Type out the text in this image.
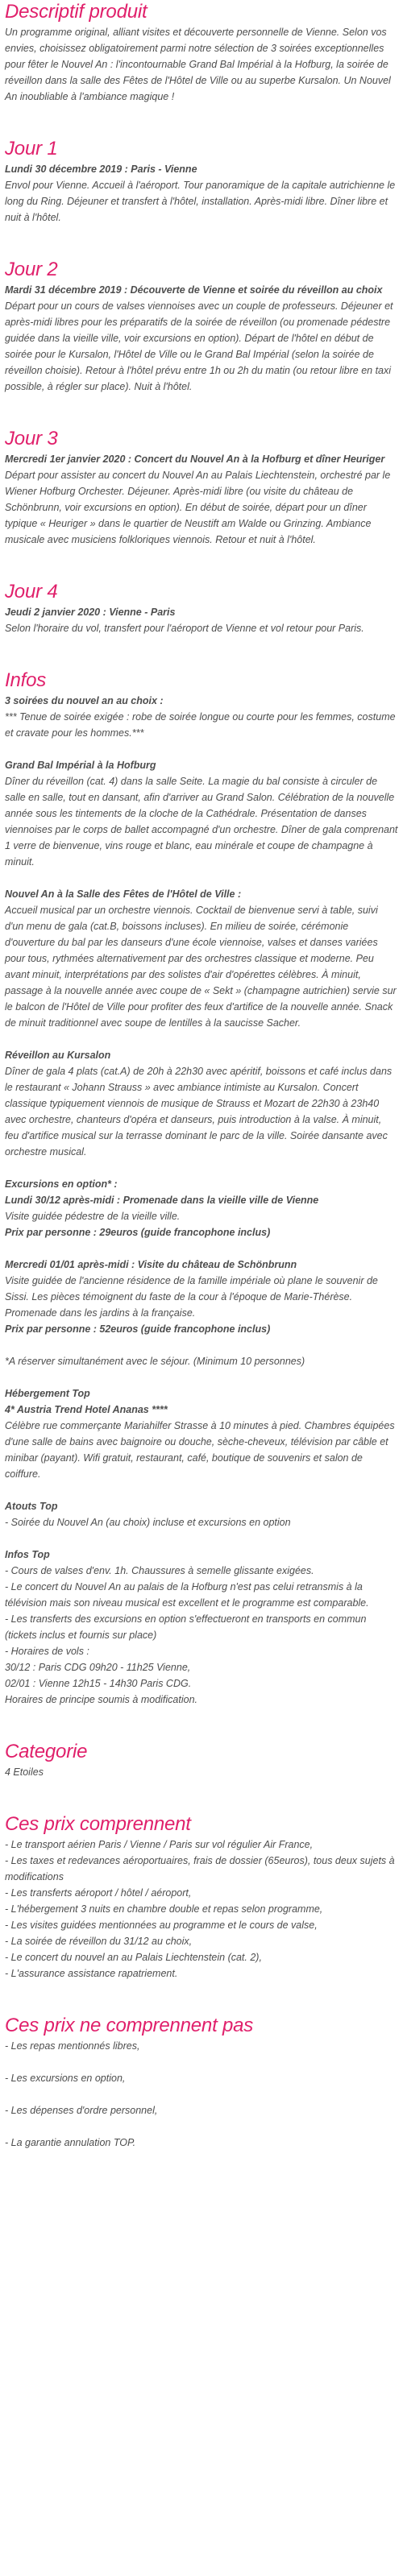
Descriptif produit

Un programme original, alliant visites et découverte personnelle de Vienne. Selon vos envies, choisissez obligatoirement parmi notre sélection de 3 soirées exceptionnelles pour fêter le Nouvel An : l'incontournable Grand Bal Impérial à la Hofburg, la soirée de réveillon dans la salle des Fêtes de l'Hôtel de Ville ou au superbe Kursalon. Un Nouvel An inoubliable à l'ambiance magique !

Jour 1

Lundi 30 décembre 2019 : Paris - Vienne

Envol pour Vienne. Accueil à l'aéroport. Tour panoramique de la capitale autrichienne le long du Ring. Déjeuner et transfert à l'hôtel, installation. Après-midi libre. Dîner libre et nuit à l'hôtel.

Jour 2

Mardi 31 décembre 2019 : Découverte de Vienne et soirée du réveillon au choix

Départ pour un cours de valses viennoises avec un couple de professeurs. Déjeuner et après-midi libres pour les préparatifs de la soirée de réveillon (ou promenade pédestre guidée dans la vieille ville, voir excursions en option). Départ de l'hôtel en début de soirée pour le Kursalon, l'Hôtel de Ville ou le Grand Bal Impérial (selon la soirée de réveillon choisie). Retour à l'hôtel prévu entre 1h ou 2h du matin (ou retour libre en taxi possible, à régler sur place). Nuit à l'hôtel.

Jour 3

Mercredi 1er janvier 2020 : Concert du Nouvel An à la Hofburg et dîner Heuriger

Départ pour assister au concert du Nouvel An au Palais Liechtenstein, orchestré par le Wiener Hofburg Orchester. Déjeuner. Après-midi libre (ou visite du château de Schönbrunn, voir excursions en option). En début de soirée, départ pour un dîner typique « Heuriger » dans le quartier de Neustift am Walde ou Grinzing. Ambiance musicale avec musiciens folkloriques viennois. Retour et nuit à l'hôtel.

Jour 4

Jeudi 2 janvier 2020 : Vienne - Paris

Selon l'horaire du vol, transfert pour l'aéroport de Vienne et vol retour pour Paris.

Infos

3 soirées du nouvel an au choix :

*** Tenue de soirée exigée : robe de soirée longue ou courte pour les femmes, costume et cravate pour les hommes.***

Grand Bal Impérial à la Hofburg

Dîner du réveillon (cat. 4) dans la salle Seite. La magie du bal consiste à circuler de salle en salle, tout en dansant, afin d'arriver au Grand Salon. Célébration de la nouvelle année sous les tintements de la cloche de la Cathédrale. Présentation de danses viennoises par le corps de ballet accompagné d'un orchestre. Dîner de gala comprenant 1 verre de bienvenue, vins rouge et blanc, eau minérale et coupe de champagne à minuit.

Nouvel An à la Salle des Fêtes de l'Hôtel de Ville :

Accueil musical par un orchestre viennois. Cocktail de bienvenue servi à table, suivi d'un menu de gala (cat.B, boissons incluses). En milieu de soirée, cérémonie d'ouverture du bal par les danseurs d'une école viennoise, valses et danses variées pour tous, rythmées alternativement par des orchestres classique et moderne. Peu avant minuit, interprétations par des solistes d'air d'opérettes célèbres. À minuit, passage à la nouvelle année avec coupe de « Sekt » (champagne autrichien) servie sur le balcon de l'Hôtel de Ville pour profiter des feux d'artifice de la nouvelle année. Snack de minuit traditionnel avec soupe de lentilles à la saucisse Sacher.

Réveillon au Kursalon

Dîner de gala 4 plats (cat.A) de 20h à 22h30 avec apéritif, boissons et café inclus dans le restaurant « Johann Strauss » avec ambiance intimiste au Kursalon. Concert classique typiquement viennois de musique de Strauss et Mozart de 22h30 à 23h40 avec orchestre, chanteurs d'opéra et danseurs, puis introduction à la valse. À minuit, feu d'artifice musical sur la terrasse dominant le parc de la ville. Soirée dansante avec orchestre musical.

Excursions en option* :

Lundi 30/12 après-midi : Promenade dans la vieille ville de Vienne

Visite guidée pédestre de la vieille ville.

Prix par personne : 29euros (guide francophone inclus)

Mercredi 01/01 après-midi : Visite du château de Schönbrunn

Visite guidée de l'ancienne résidence de la famille impériale où plane le souvenir de Sissi. Les pièces témoignent du faste de la cour à l'époque de Marie-Thérèse. Promenade dans les jardins à la française.

Prix par personne : 52euros (guide francophone inclus)

*A réserver simultanément avec le séjour. (Minimum 10 personnes)

Hébergement Top

4* Austria Trend Hotel Ananas ****

Célèbre rue commerçante Mariahilfer Strasse à 10 minutes à pied. Chambres équipées d'une salle de bains avec baignoire ou douche, sèche-cheveux, télévision par câble et minibar (payant). Wifi gratuit, restaurant, café, boutique de souvenirs et salon de coiffure.

Atouts Top

- Soirée du Nouvel An (au choix) incluse et excursions en option

Infos Top

- Cours de valses d'env. 1h. Chaussures à semelle glissante exigées.

- Le concert du Nouvel An au palais de la Hofburg n'est pas celui retransmis à la télévision mais son niveau musical est excellent et le programme est comparable.

- Les transferts des excursions en option s'effectueront en transports en commun (tickets inclus et fournis sur place)

- Horaires de vols :

30/12 : Paris CDG 09h20 - 11h25 Vienne,

02/01 : Vienne 12h15 - 14h30 Paris CDG.

Horaires de principe soumis à modification.

Categorie

4 Etoiles

Ces prix comprennent

- Le transport aérien Paris / Vienne / Paris sur vol régulier Air France,

- Les taxes et redevances aéroportuaires, frais de dossier (65euros), tous deux sujets à modifications

- Les transferts aéroport / hôtel / aéroport,

- L'hébergement 3 nuits en chambre double et repas selon programme,

- Les visites guidées mentionnées au programme et le cours de valse,

- La soirée de réveillon du 31/12 au choix,

- Le concert du nouvel an au Palais Liechtenstein (cat. 2),

- L'assurance assistance rapatriement.

Ces prix ne comprennent pas

- Les repas mentionnés libres,

- Les excursions en option,

- Les dépenses d'ordre personnel,

- La garantie annulation TOP.
